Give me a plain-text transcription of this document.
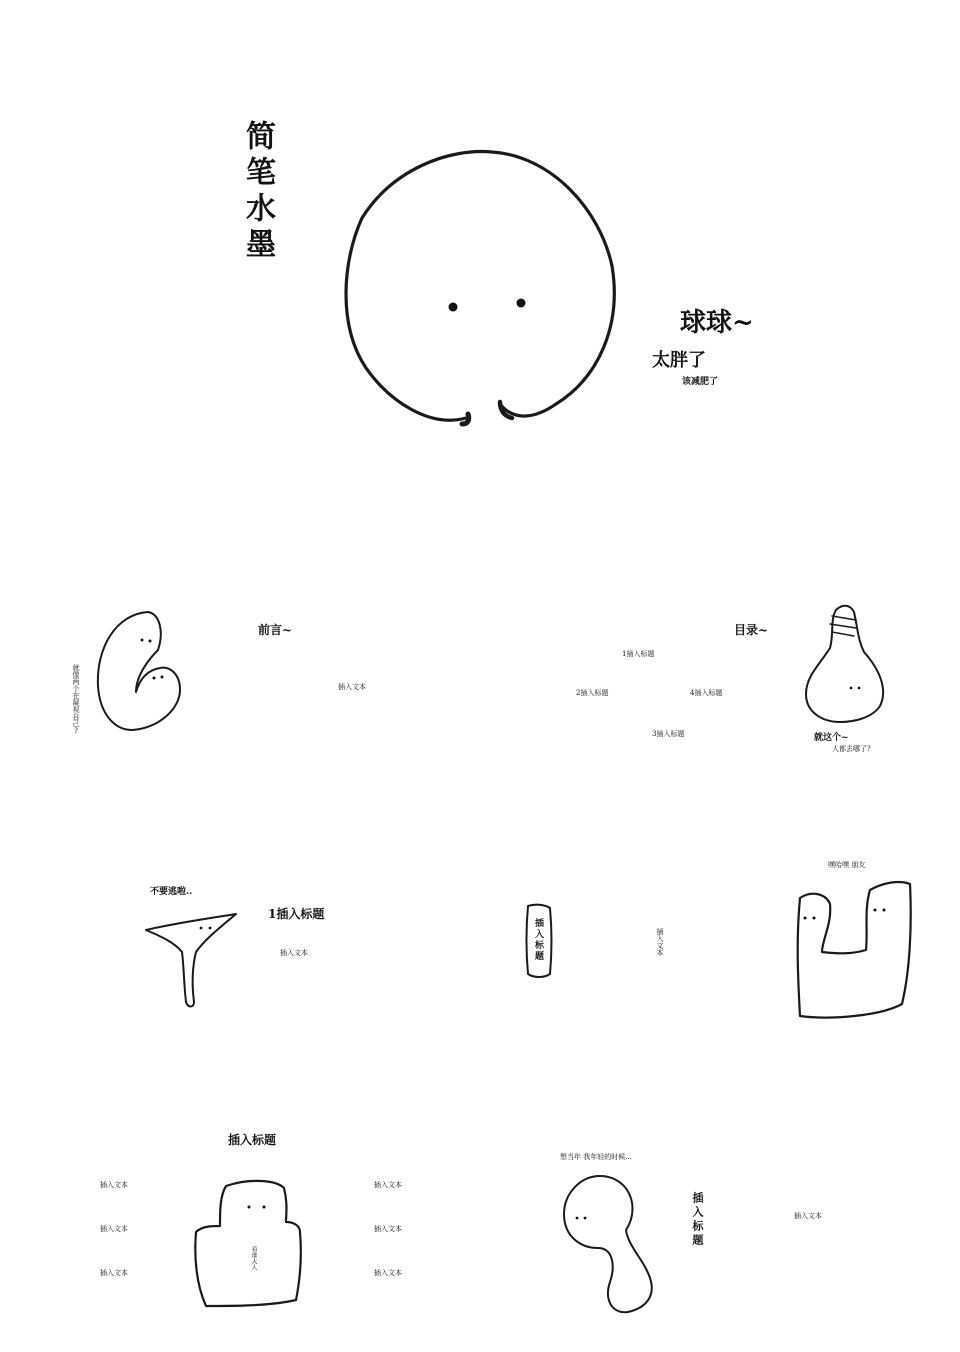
简笔水墨
球球~
太胖了
该减肥了
就像两个在凝视自己?
前言~
插入文本
目录~
1插入标题
2插入标题	4插入标题
3插入标题	就这个~
人都去哪了?
不要逃啦..
1插入标题
插入文本	插入标题	插入文本
嘿哈嘿 朋友
插入标题
插入文本
插入文本
插入文本
插入文本
插入文本
插入文本
看谁大人
想当年 我年轻的时候...
插入标题	插入文本
